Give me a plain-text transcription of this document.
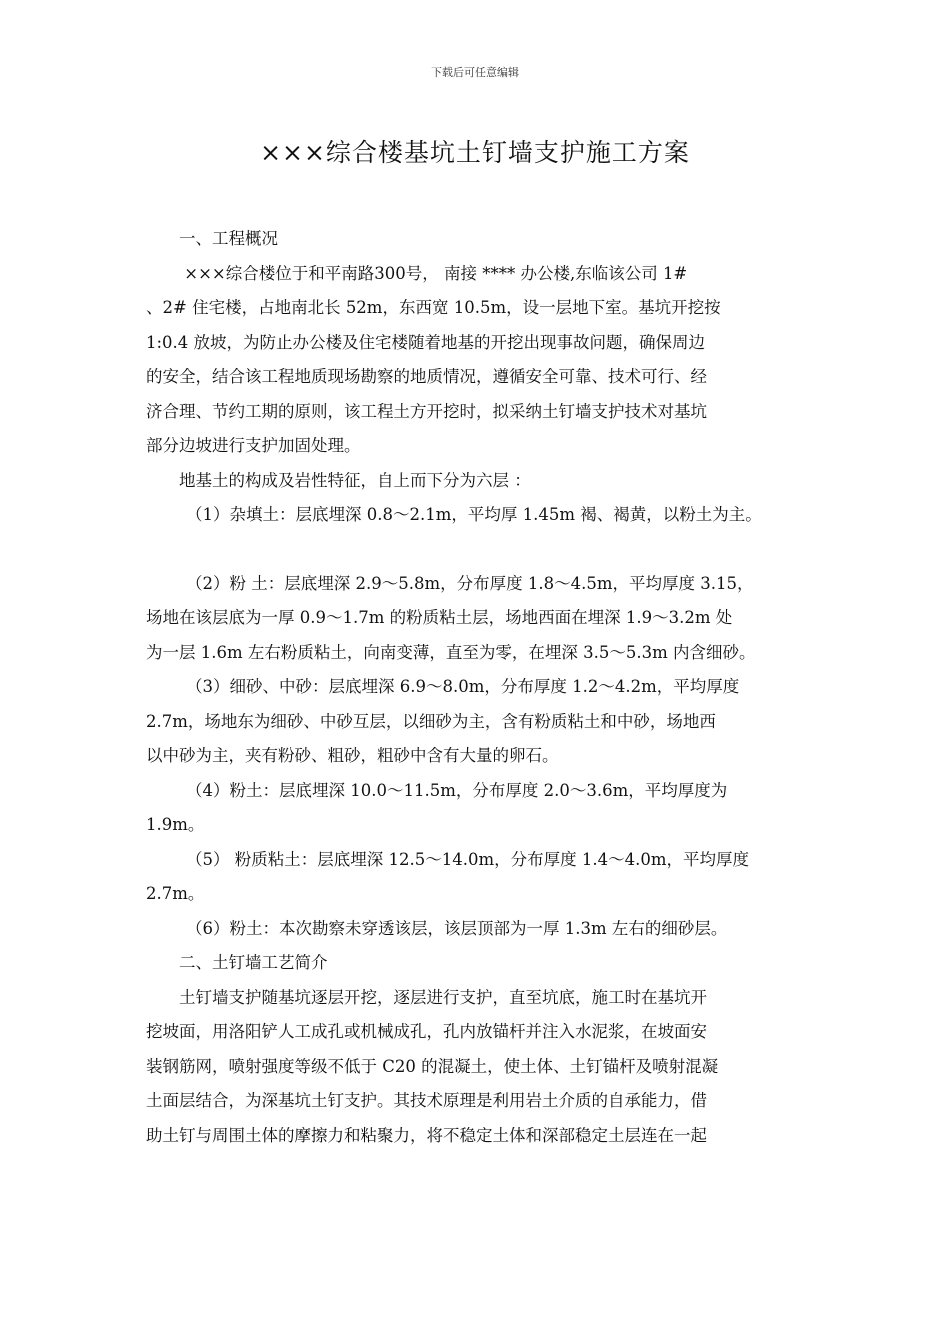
下载后可任意编辑
×××综合楼基坑土钉墙支护施工方案
一、工程概况
×××综合楼位于和平南路300号， 南接 **** 办公楼,东临该公司 1#
、2# 住宅楼，占地南北长 52m，东西宽 10.5m，设一层地下室。基坑开挖按
1:0.4 放坡，为防止办公楼及住宅楼随着地基的开挖出现事故问题，确保周边
的安全，结合该工程地质现场勘察的地质情况，遵循安全可靠、技术可行、经
济合理、节约工期的原则，该工程土方开挖时，拟采纳土钉墙支护技术对基坑
部分边坡进行支护加固处理。
地基土的构成及岩性特征，自上而下分为六层 ：
（1）杂填土：层底埋深 0.8～2.1m，平均厚 1.45m 褐、褐黄，以粉土为主。
（2）粉 土：层底埋深 2.9～5.8m，分布厚度 1.8～4.5m，平均厚度 3.15，
场地在该层底为一厚 0.9～1.7m 的粉质粘土层，场地西面在埋深 1.9～3.2m 处
为一层 1.6m 左右粉质粘土，向南变薄，直至为零，在埋深 3.5～5.3m 内含细砂。
（3）细砂、中砂：层底埋深 6.9～8.0m，分布厚度 1.2～4.2m，平均厚度
2.7m，场地东为细砂、中砂互层，以细砂为主，含有粉质粘土和中砂，场地西
以中砂为主，夹有粉砂、粗砂，粗砂中含有大量的卵石。
（4）粉土：层底埋深 10.0～11.5m，分布厚度 2.0～3.6m，平均厚度为
1.9m。
（5） 粉质粘土：层底埋深 12.5～14.0m，分布厚度 1.4～4.0m，平均厚度
2.7m。
（6）粉土：本次勘察未穿透该层，该层顶部为一厚 1.3m 左右的细砂层。
二、土钉墙工艺简介
土钉墙支护随基坑逐层开挖，逐层进行支护，直至坑底，施工时在基坑开
挖坡面，用洛阳铲人工成孔或机械成孔，孔内放锚杆并注入水泥浆，在坡面安
装钢筋网，喷射强度等级不低于 C20 的混凝土，使土体、土钉锚杆及喷射混凝
土面层结合，为深基坑土钉支护。其技术原理是利用岩土介质的自承能力，借
助土钉与周围土体的摩擦力和粘聚力，将不稳定土体和深部稳定土层连在一起
